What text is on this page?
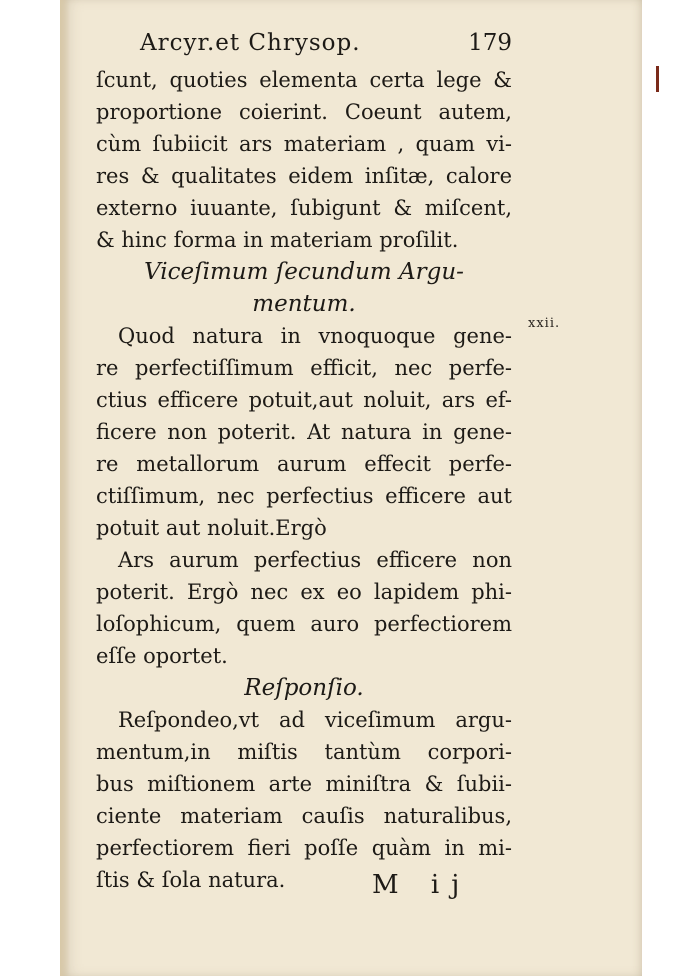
Arcyr.et Chrysop.	179
ſcunt, quoties elementa certa lege &
proportione coierint. Coeunt autem,
cùm ſubiicit ars materiam , quam vi-
res & qualitates eidem inſitæ, calore
externo iuuante, ſubigunt & miſcent,
& hinc forma in materiam proſilit.
Viceſimum ſecundum Argu-
mentum.
Quod natura in vnoquoque gene-
re perfectiſſimum efficit, nec perfe-
ctius efficere potuit,aut noluit, ars ef-
ficere non poterit. At natura in gene-
re metallorum aurum effecit perfe-
ctiſſimum, nec perfectius efficere aut
potuit aut noluit.Ergò
Ars aurum perfectius efficere non
poterit. Ergò nec ex eo lapidem phi-
loſophicum, quem auro perfectiorem
eſſe oportet.
Reſponſio.
Reſpondeo,vt ad viceſimum argu-
mentum,in miſtis tantùm corpori-
bus miſtionem arte miniſtra & ſubii-
ciente materiam cauſis naturalibus,
perfectiorem fieri poſſe quàm in mi-
ſtis & ſola natura.
xxii.
M ij
